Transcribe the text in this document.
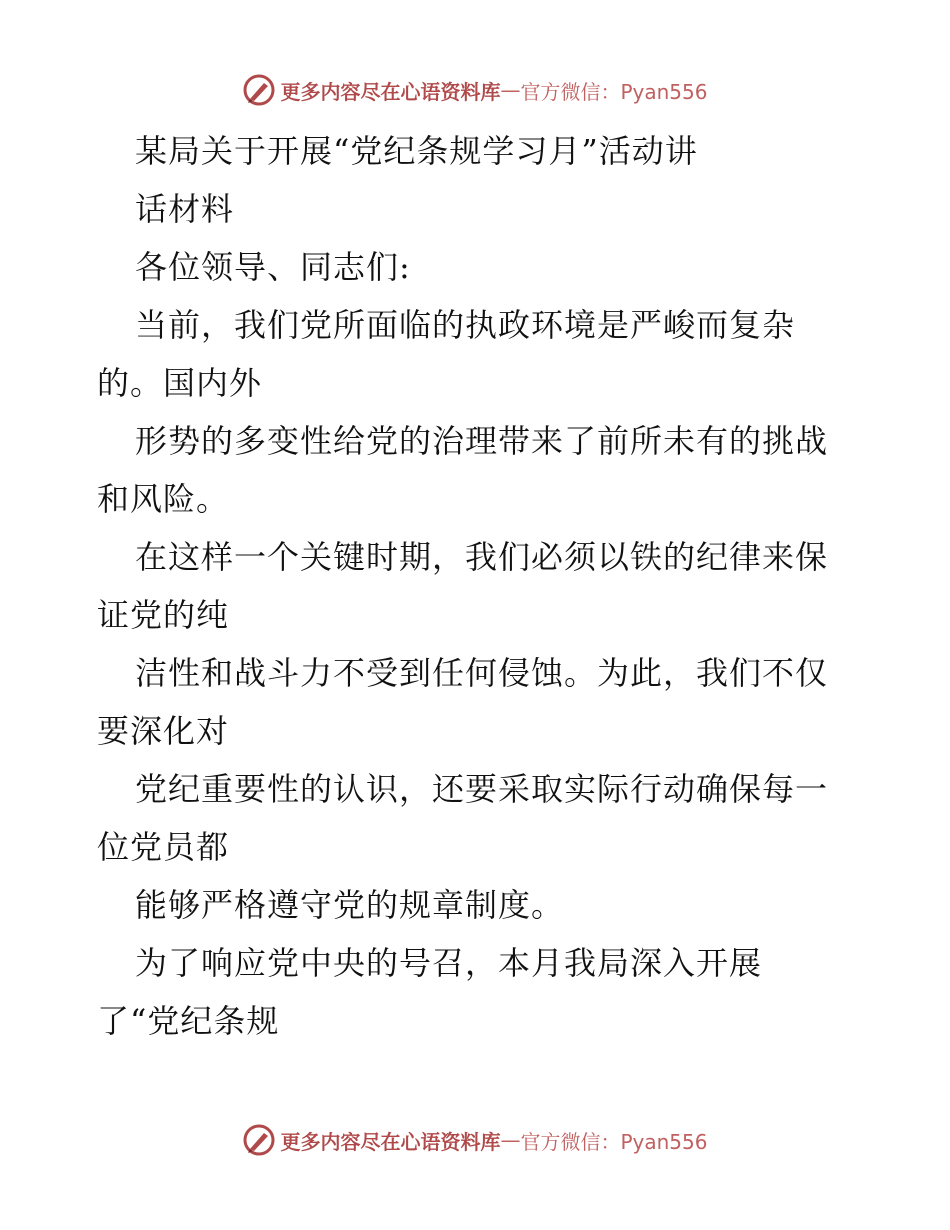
更多内容尽在心语资料库 — 官方微信：Pyan556
某局关于开展“党纪条规学习月”活动讲
话材料
各位领导、同志们:
当前，我们党所面临的执政环境是严峻而复杂
的。国内外
形势的多变性给党的治理带来了前所未有的挑战
和风险。
在这样一个关键时期，我们必须以铁的纪律来保
证党的纯
洁性和战斗力不受到任何侵蚀。为此，我们不仅
要深化对
党纪重要性的认识，还要采取实际行动确保每一
位党员都
能够严格遵守党的规章制度。
为了响应党中央的号召，本月我局深入开展
了“党纪条规
更多内容尽在心语资料库 — 官方微信：Pyan556
